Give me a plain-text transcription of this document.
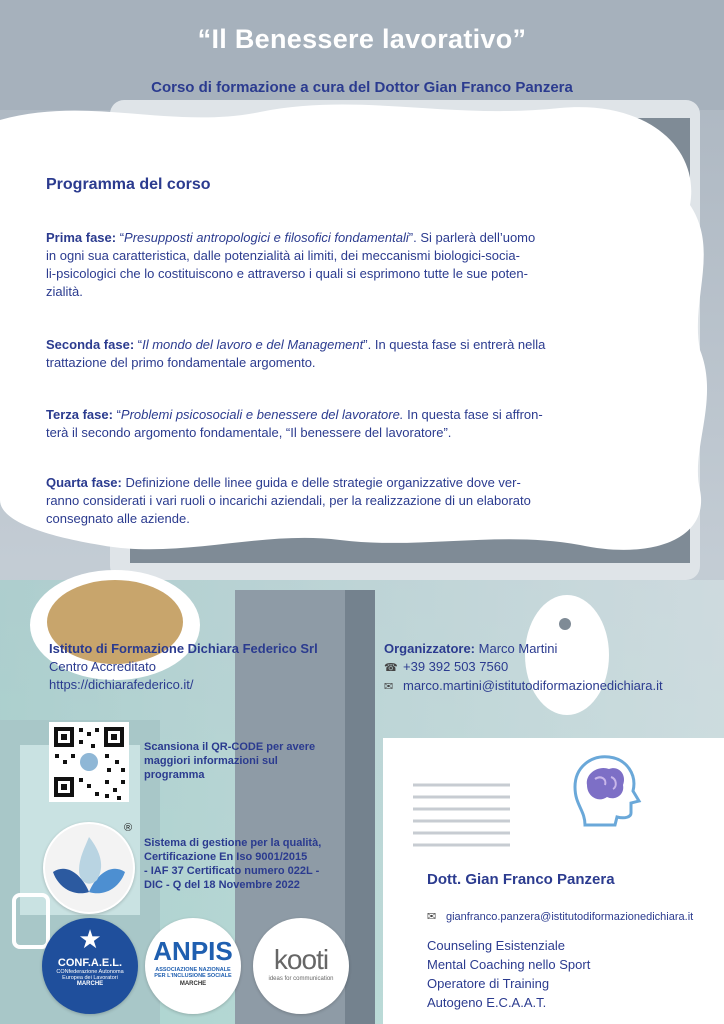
“Il Benessere lavorativo”
Corso di formazione a cura del Dottor Gian Franco Panzera
Programma del corso
Prima fase: “Presupposti antropologici e filosofici fondamentali”. Si parlerà dell’uomo
in ogni sua caratteristica, dalle potenzialità ai limiti, dei meccanismi biologici-socia-
li-psicologici che lo costituiscono e attraverso i quali si esprimono tutte le sue poten-
zialità.
Seconda fase: “Il mondo del lavoro e del Management”. In questa fase si entrerà nella
trattazione del primo fondamentale argomento.
Terza fase: “Problemi psicosociali e benessere del lavoratore. In questa fase si affron-
terà il secondo argomento fondamentale, “Il benessere del lavoratore”.
Quarta fase: Definizione delle linee guida e delle strategie organizzative dove ver-
ranno considerati i vari ruoli o incarichi aziendali, per la realizzazione di un elaborato
consegnato alle aziende.
Istituto di Formazione Dichiara Federico Srl
Centro Accreditato
https://dichiarafederico.it/
Organizzatore: Marco Martini
☎ +39 392 503 7560
✉ marco.martini@istitutodiformazionedichiara.it
Scansiona il QR-CODE per avere
maggiori informazioni sul
programma
®
Sistema di gestione per la qualità,
Certificazione En Iso 9001/2015
- IAF 37 Certificato numero 022L -
DIC - Q del 18 Novembre 2022	Dott. Gian Franco Panzera
✉ gianfranco.panzera@istitutodiformazionedichiara.it
Counseling Esistenziale
Mental Coaching nello Sport
Operatore di Training
Autogeno E.C.A.A.T.
★
CONF.A.E.L.
CONfederazione Autonoma
Europea dei Lavoratori
MARCHE
ANPIS
ASSOCIAZIONE NAZIONALE
PER L'INCLUSIONE SOCIALE
MARCHE
kooti
ideas for communication
